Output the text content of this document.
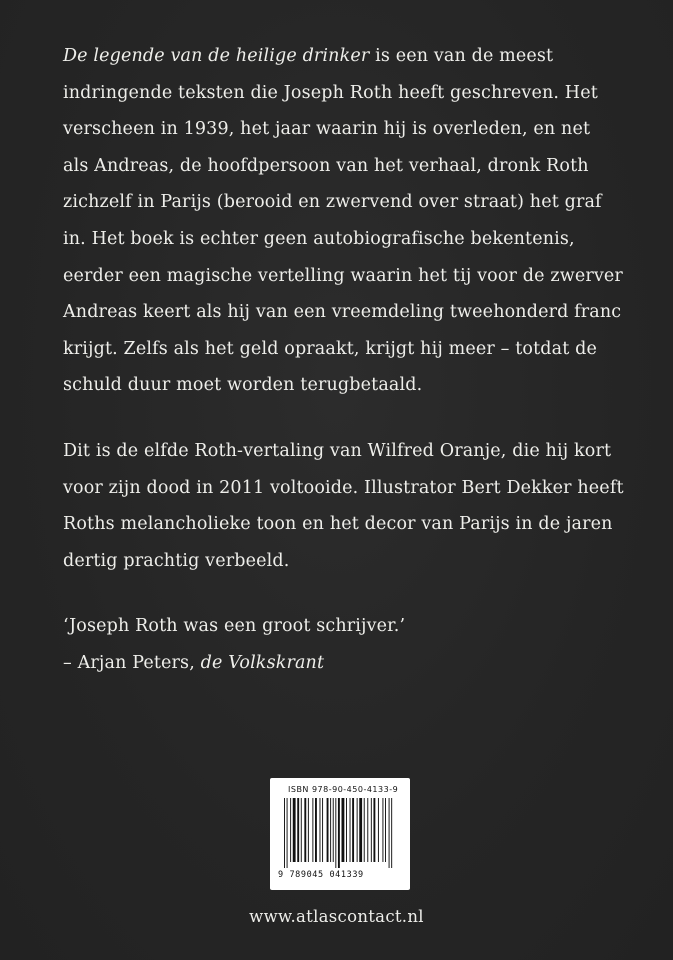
De legende van de heilige drinker is een van de meest

indringende teksten die Joseph Roth heeft geschreven. Het

verscheen in 1939, het jaar waarin hij is overleden, en net

als Andreas, de hoofdpersoon van het verhaal, dronk Roth

zichzelf in Parijs (berooid en zwervend over straat) het graf

in. Het boek is echter geen autobiografische bekentenis,

eerder een magische vertelling waarin het tij voor de zwerver

Andreas keert als hij van een vreemdeling tweehonderd franc

krijgt. Zelfs als het geld opraakt, krijgt hij meer – totdat de

schuld duur moet worden terugbetaald.

Dit is de elfde Roth-vertaling van Wilfred Oranje, die hij kort

voor zijn dood in 2011 voltooide. Illustrator Bert Dekker heeft

Roths melancholieke toon en het decor van Parijs in de jaren

dertig prachtig verbeeld.

‘Joseph Roth was een groot schrijver.’

– Arjan Peters, de Volkskrant

ISBN 978-90-450-4133-9
9 789045 041339
www.atlascontact.nl
